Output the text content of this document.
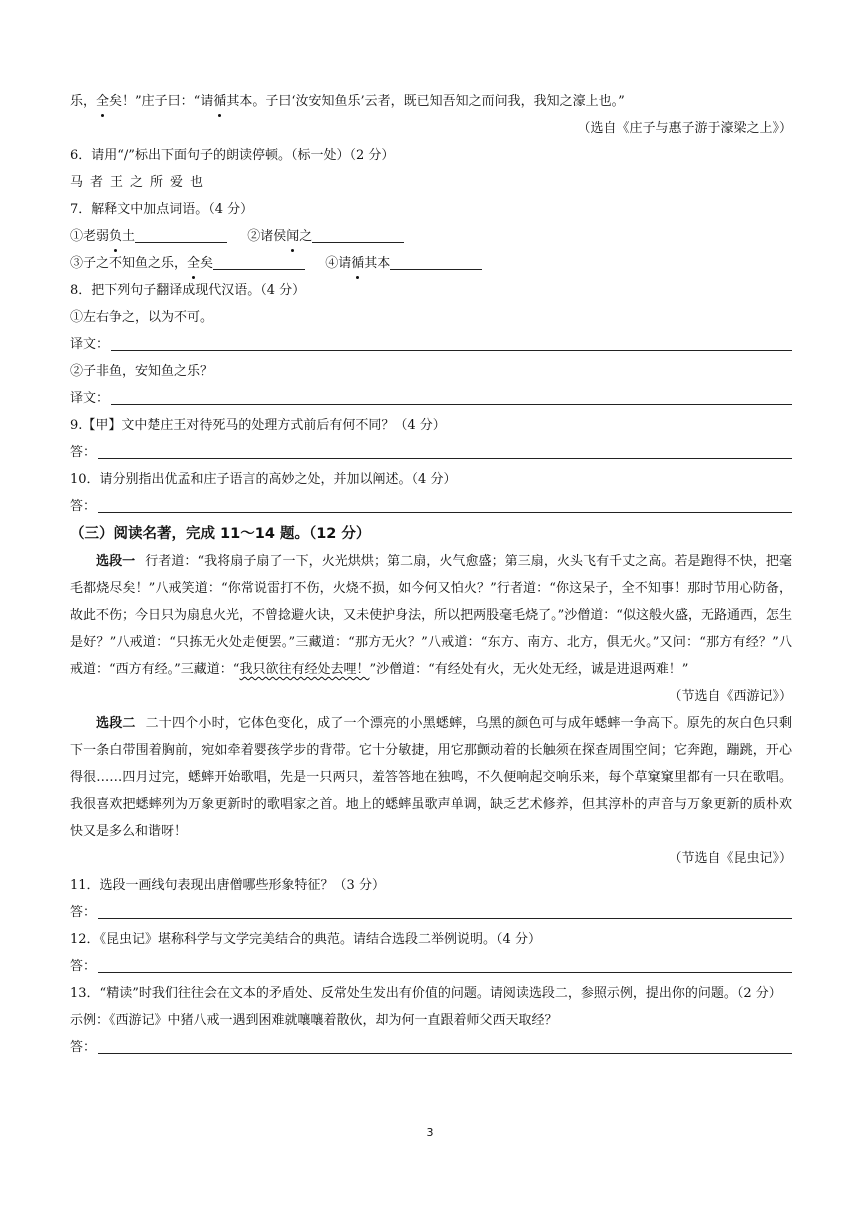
乐，全矣！”庄子曰：“请循其本。子曰‘汝安知鱼乐’云者，既已知吾知之而问我，我知之濠上也。”
（选自《庄子与惠子游于濠梁之上》）
6．请用“/”标出下面句子的朗读停顿。（标一处）（2 分）
马者王之所爱也
7．解释文中加点词语。（4 分）
①老弱负土	②诸侯闻之
③子之不知鱼之乐，全矣	④请循其本
8．把下列句子翻译成现代汉语。（4 分）
①左右争之，以为不可。
译文：
②子非鱼，安知鱼之乐？
译文：
9.【甲】文中楚庄王对待死马的处理方式前后有何不同？（4 分）
答：
10．请分别指出优孟和庄子语言的高妙之处，并加以阐述。（4 分）
答：
（三）阅读名著，完成 11～14 题。（12 分）
选段一 行者道：“我将扇子扇了一下，火光烘烘；第二扇，火气愈盛；第三扇，火头飞有千丈之高。若是跑得不快，把毫毛都烧尽矣！”八戒笑道：“你常说雷打不伤，火烧不损，如今何又怕火？”行者道：“你这呆子，全不知事！那时节用心防备，故此不伤；今日只为扇息火光，不曾捻避火诀，又未使护身法，所以把两股毫毛烧了。”沙僧道：“似这般火盛，无路通西，怎生是好？”八戒道：“只拣无火处走便罢。”三藏道：“那方无火？”八戒道：“东方、南方、北方，俱无火。”又问：“那方有经？”八戒道：“西方有经。”三藏道：“我只欲往有经处去哩！”沙僧道：“有经处有火，无火处无经，诚是进退两难！”
（节选自《西游记》）
选段二 二十四个小时，它体色变化，成了一个漂亮的小黑蟋蟀，乌黑的颜色可与成年蟋蟀一争高下。原先的灰白色只剩下一条白带围着胸前，宛如牵着婴孩学步的背带。它十分敏捷，用它那颤动着的长触须在探查周围空间；它奔跑，蹦跳，开心得很……四月过完，蟋蟀开始歌唱，先是一只两只，羞答答地在独鸣，不久便响起交响乐来，每个草窠窠里都有一只在歌唱。我很喜欢把蟋蟀列为万象更新时的歌唱家之首。地上的蟋蟀虽歌声单调，缺乏艺术修养，但其淳朴的声音与万象更新的质朴欢快又是多么和谐呀！
（节选自《昆虫记》）
11．选段一画线句表现出唐僧哪些形象特征？（3 分）
答：
12．《昆虫记》堪称科学与文学完美结合的典范。请结合选段二举例说明。（4 分）
答：
13．“精读”时我们往往会在文本的矛盾处、反常处生发出有价值的问题。请阅读选段二，参照示例，提出你的问题。（2 分）
示例：《西游记》中猪八戒一遇到困难就嚷嚷着散伙，却为何一直跟着师父西天取经？
答：
3
